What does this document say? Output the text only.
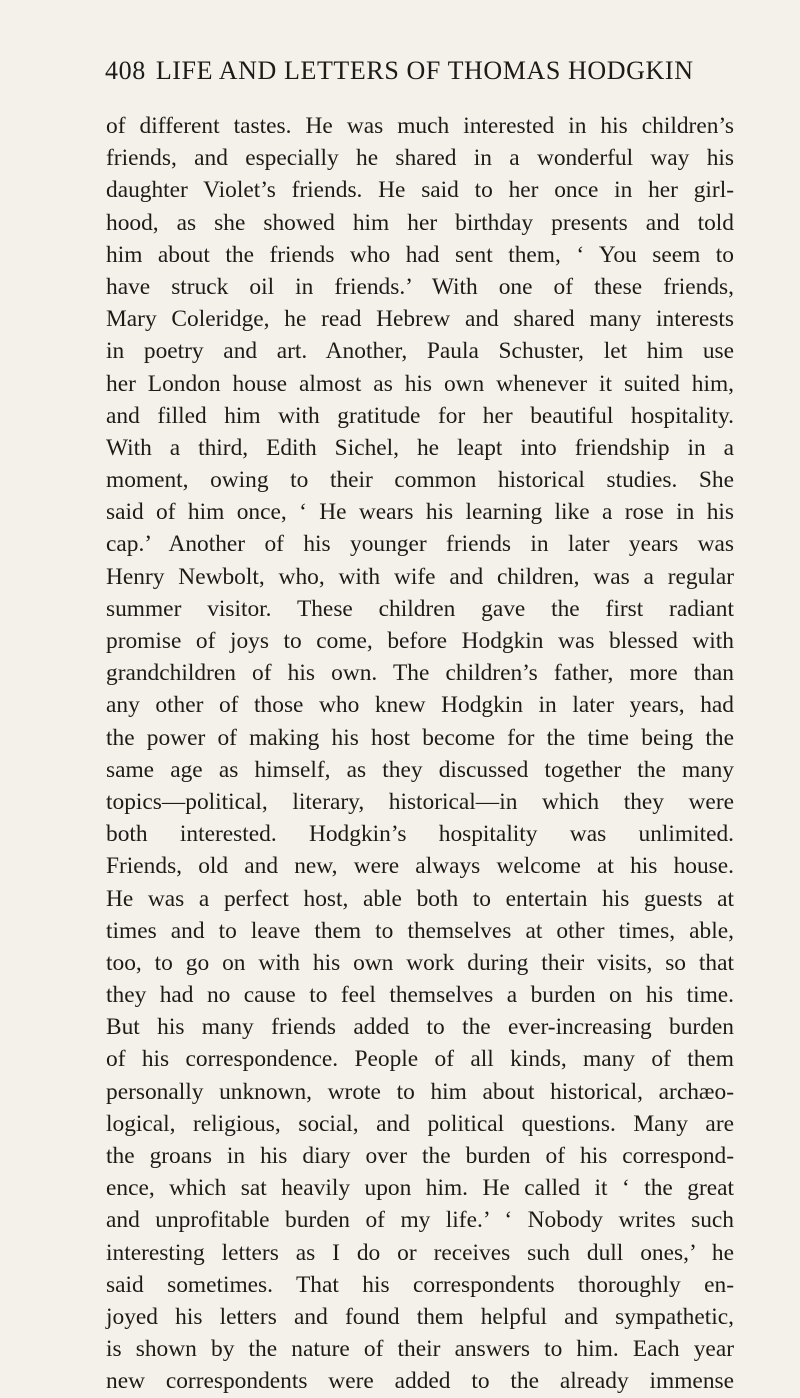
408 LIFE AND LETTERS OF THOMAS HODGKIN
of different tastes. He was much interested in his children’s
friends, and especially he shared in a wonderful way his
daughter Violet’s friends. He said to her once in her girl-
hood, as she showed him her birthday presents and told
him about the friends who had sent them, ‘ You seem to
have struck oil in friends.’ With one of these friends,
Mary Coleridge, he read Hebrew and shared many interests
in poetry and art. Another, Paula Schuster, let him use
her London house almost as his own whenever it suited him,
and filled him with gratitude for her beautiful hospitality.
With a third, Edith Sichel, he leapt into friendship in a
moment, owing to their common historical studies. She
said of him once, ‘ He wears his learning like a rose in his
cap.’ Another of his younger friends in later years was
Henry Newbolt, who, with wife and children, was a regular
summer visitor. These children gave the first radiant
promise of joys to come, before Hodgkin was blessed with
grandchildren of his own. The children’s father, more than
any other of those who knew Hodgkin in later years, had
the power of making his host become for the time being the
same age as himself, as they discussed together the many
topics—political, literary, historical—in which they were
both interested. Hodgkin’s hospitality was unlimited.
Friends, old and new, were always welcome at his house.
He was a perfect host, able both to entertain his guests at
times and to leave them to themselves at other times, able,
too, to go on with his own work during their visits, so that
they had no cause to feel themselves a burden on his time.
But his many friends added to the ever-increasing burden
of his correspondence. People of all kinds, many of them
personally unknown, wrote to him about historical, archæo-
logical, religious, social, and political questions. Many are
the groans in his diary over the burden of his correspond-
ence, which sat heavily upon him. He called it ‘ the great
and unprofitable burden of my life.’ ‘ Nobody writes such
interesting letters as I do or receives such dull ones,’ he
said sometimes. That his correspondents thoroughly en-
joyed his letters and found them helpful and sympathetic,
is shown by the nature of their answers to him. Each year
new correspondents were added to the already immense
